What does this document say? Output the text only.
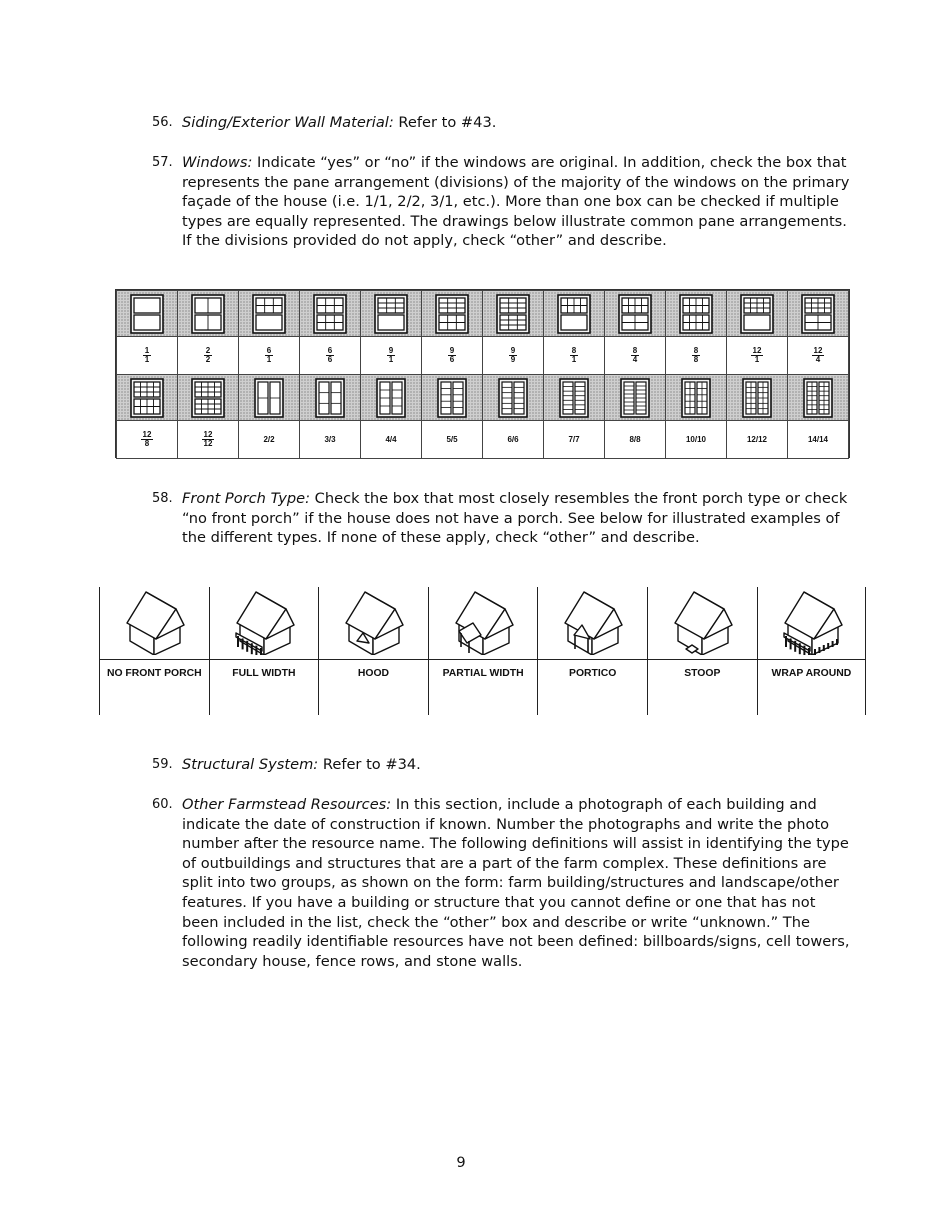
56. Siding/Exterior Wall Material: Refer to #43.
57. Windows: Indicate “yes” or “no” if the windows are original. In addition, check the box that represents the pane arrangement (divisions) of the majority of the windows on the primary façade of the house (i.e. 1/1, 2/2, 3/1, etc.). More than one box can be checked if multiple types are equally represented. The drawings below illustrate common pane arrangements. If the divisions provided do not apply, check “other” and describe.

$\frac{1}{1}$	$\frac{2}{2}$	$\frac{6}{1}$	$\frac{6}{6}$	$\frac{9}{1}$	$\frac{9}{6}$	$\frac{9}{9}$	$\frac{8}{1}$	$\frac{8}{4}$	$\frac{8}{8}$	$\frac{12}{1}$	$\frac{12}{4}$

$\frac{12}{8}$	$\frac{12}{12}$	2/2	3/3	4/4	5/5	6/6	7/7	8/8	10/10	12/12	14/14
58. Front Porch Type: Check the box that most closely resembles the front porch type or check “no front porch” if the house does not have a porch. See below for illustrated examples of the different types. If none of these apply, check “other” and describe.
NO FRONT PORCH	FULL WIDTH	HOOD	PARTIAL WIDTH	PORTICO	STOOP	WRAP AROUND
59. Structural System: Refer to #34.
60. Other Farmstead Resources: In this section, include a photograph of each building and indicate the date of construction if known. Number the photographs and write the photo number after the resource name. The following definitions will assist in identifying the type of outbuildings and structures that are a part of the farm complex. These definitions are split into two groups, as shown on the form: farm building/structures and landscape/other features. If you have a building or structure that you cannot define or one that has not been included in the list, check the “other” box and describe or write “unknown.” The following readily identifiable resources have not been defined: billboards/signs, cell towers, secondary house, fence rows, and stone walls.
9
